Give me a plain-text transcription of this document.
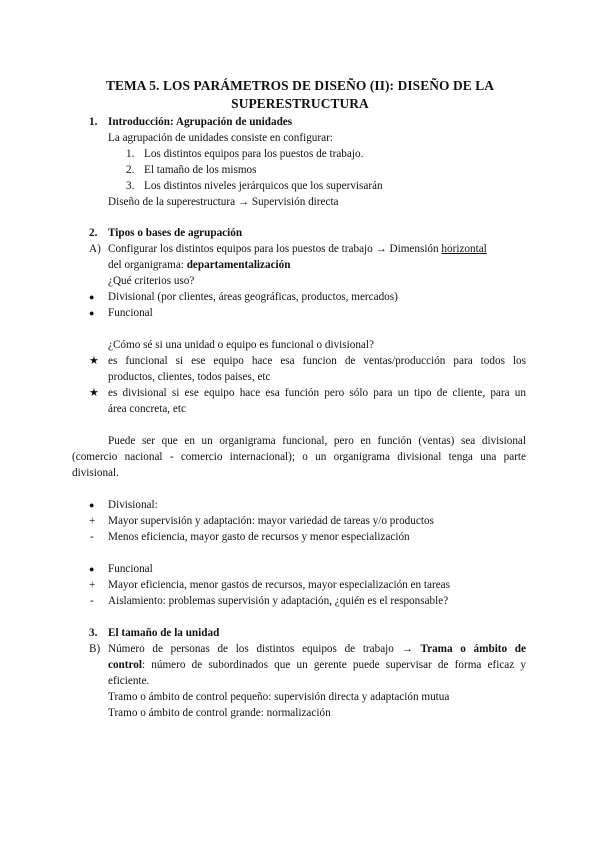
TEMA 5. LOS PARÁMETROS DE DISEÑO (II): DISEÑO DE LA
SUPERESTRUCTURA
1. Introducción: Agrupación de unidades
La agrupación de unidades consiste en configurar:
1. Los distintos equipos para los puestos de trabajo.
2. El tamaño de los mismos
3. Los distintos niveles jerárquicos que los supervisarán
Diseño de la superestructura → Supervisión directa
2. Tipos o bases de agrupación
A) Configurar los distintos equipos para los puestos de trabajo → Dimensión horizontal
del organigrama: departamentalización
¿Qué criterios uso?
● Divisional (por clientes, áreas geográficas, productos, mercados)
● Funcional
¿Cómo sé si una unidad o equipo es funcional o divisional?
★ es funcional si ese equipo hace esa funcion de ventas/producción para todos los
productos, clientes, todos paises, etc
★ es divisional si ese equipo hace esa función pero sólo para un tipo de cliente, para un
área concreta, etc
Puede ser que en un organigrama funcional, pero en función (ventas) sea divisional
(comercio nacional - comercio internacional); o un organigrama divisional tenga una parte
divisional.
● Divisional:
+ Mayor supervisión y adaptación: mayor variedad de tareas y/o productos
- Menos eficiencia, mayor gasto de recursos y menor especialización
● Funcional
+ Mayor eficiencia, menor gastos de recursos, mayor especialización en tareas
- Aislamiento: problemas supervisión y adaptación, ¿quién es el responsable?
3. El tamaño de la unidad
B) Número de personas de los distintos equipos de trabajo → Trama o ámbito de
control: número de subordinados que un gerente puede supervisar de forma eficaz y
eficiente.
Tramo o ámbito de control pequeño: supervisión directa y adaptación mutua
Tramo o ámbito de control grande: normalización
